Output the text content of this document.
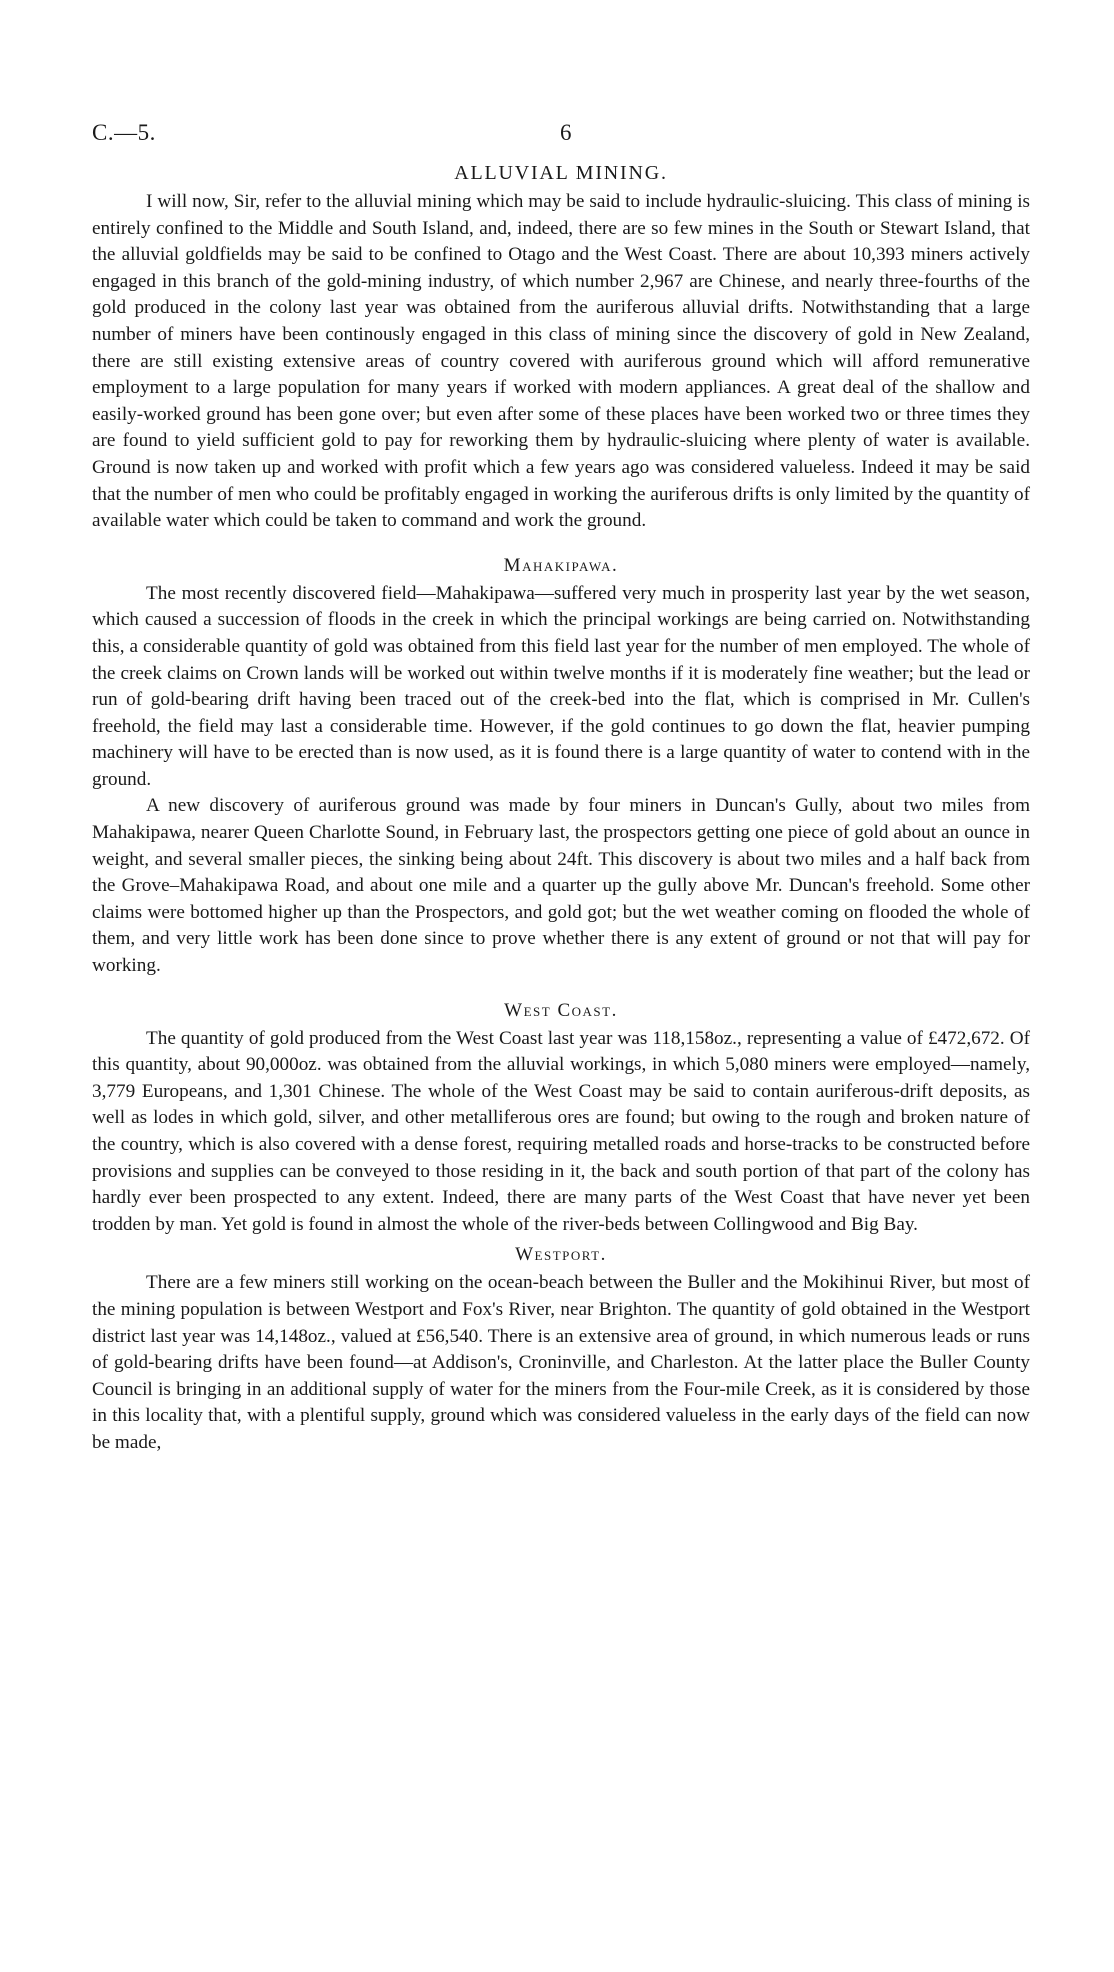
C.—5.	6
ALLUVIAL MINING.

I will now, Sir, refer to the alluvial mining which may be said to include hydraulic-sluicing. This class of mining is entirely confined to the Middle and South Island, and, indeed, there are so few mines in the South or Stewart Island, that the alluvial goldfields may be said to be confined to Otago and the West Coast. There are about 10,393 miners actively engaged in this branch of the gold-mining industry, of which number 2,967 are Chinese, and nearly three-fourths of the gold produced in the colony last year was obtained from the auriferous alluvial drifts. Notwithstanding that a large number of miners have been continously engaged in this class of mining since the discovery of gold in New Zealand, there are still existing extensive areas of country covered with auriferous ground which will afford remunerative employment to a large population for many years if worked with modern appliances. A great deal of the shallow and easily-worked ground has been gone over; but even after some of these places have been worked two or three times they are found to yield sufficient gold to pay for reworking them by hydraulic-sluicing where plenty of water is available. Ground is now taken up and worked with profit which a few years ago was considered valueless. Indeed it may be said that the number of men who could be profitably engaged in working the auriferous drifts is only limited by the quantity of available water which could be taken to command and work the ground.

Mahakipawa.

The most recently discovered field—Mahakipawa—suffered very much in prosperity last year by the wet season, which caused a succession of floods in the creek in which the principal workings are being carried on. Notwithstanding this, a considerable quantity of gold was obtained from this field last year for the number of men employed. The whole of the creek claims on Crown lands will be worked out within twelve months if it is moderately fine weather; but the lead or run of gold-bearing drift having been traced out of the creek-bed into the flat, which is comprised in Mr. Cullen's freehold, the field may last a considerable time. However, if the gold continues to go down the flat, heavier pumping machinery will have to be erected than is now used, as it is found there is a large quantity of water to contend with in the ground.

A new discovery of auriferous ground was made by four miners in Duncan's Gully, about two miles from Mahakipawa, nearer Queen Charlotte Sound, in February last, the prospectors getting one piece of gold about an ounce in weight, and several smaller pieces, the sinking being about 24ft. This discovery is about two miles and a half back from the Grove–Mahakipawa Road, and about one mile and a quarter up the gully above Mr. Duncan's freehold. Some other claims were bottomed higher up than the Prospectors, and gold got; but the wet weather coming on flooded the whole of them, and very little work has been done since to prove whether there is any extent of ground or not that will pay for working.

West Coast.

The quantity of gold produced from the West Coast last year was 118,158oz., representing a value of £472,672. Of this quantity, about 90,000oz. was obtained from the alluvial workings, in which 5,080 miners were employed—namely, 3,779 Europeans, and 1,301 Chinese. The whole of the West Coast may be said to contain auriferous-drift deposits, as well as lodes in which gold, silver, and other metalliferous ores are found; but owing to the rough and broken nature of the country, which is also covered with a dense forest, requiring metalled roads and horse-tracks to be constructed before provisions and supplies can be conveyed to those residing in it, the back and south portion of that part of the colony has hardly ever been prospected to any extent. Indeed, there are many parts of the West Coast that have never yet been trodden by man. Yet gold is found in almost the whole of the river-beds between Collingwood and Big Bay.

Westport.

There are a few miners still working on the ocean-beach between the Buller and the Mokihinui River, but most of the mining population is between Westport and Fox's River, near Brighton. The quantity of gold obtained in the Westport district last year was 14,148oz., valued at £56,540. There is an extensive area of ground, in which numerous leads or runs of gold-bearing drifts have been found—at Addison's, Croninville, and Charleston. At the latter place the Buller County Council is bringing in an additional supply of water for the miners from the Four-mile Creek, as it is considered by those in this locality that, with a plentiful supply, ground which was considered valueless in the early days of the field can now be made,
